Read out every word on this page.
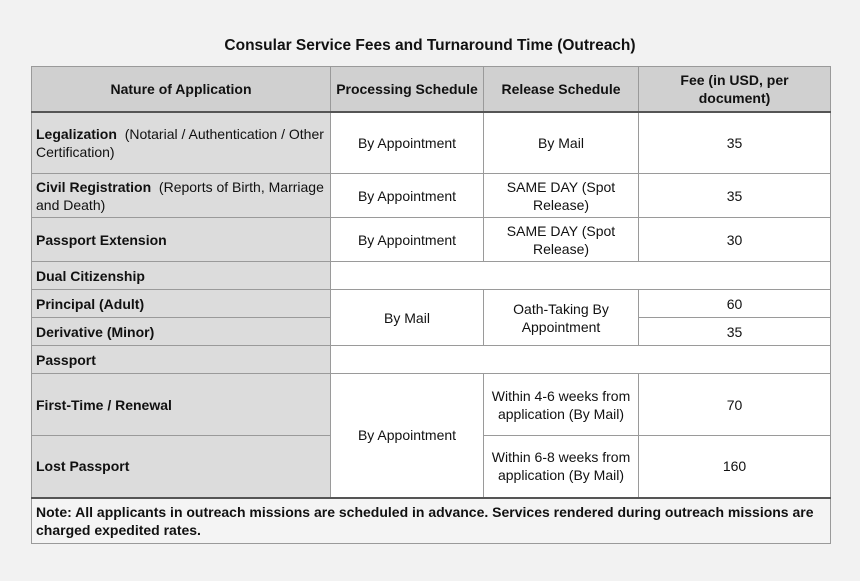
Consular Service Fees and Turnaround Time (Outreach)
Nature of Application	Processing Schedule	Release Schedule	Fee (in USD, per document)
Legalization (Notarial / Authentication / Other Certification)	By Appointment	By Mail	35
Civil Registration (Reports of Birth, Marriage and Death)	By Appointment	SAME DAY (Spot Release)	35
Passport Extension	By Appointment	SAME DAY (Spot Release)	30
Dual Citizenship			
Principal (Adult)	By Mail	Oath-Taking By Appointment	60
Derivative (Minor)			35
Passport			
First-Time / Renewal	By Appointment	Within 4-6 weeks from application (By Mail)	70
Lost Passport		Within 6-8 weeks from application (By Mail)	160
Note: All applicants in outreach missions are scheduled in advance. Services rendered during outreach missions are charged expedited rates.			
